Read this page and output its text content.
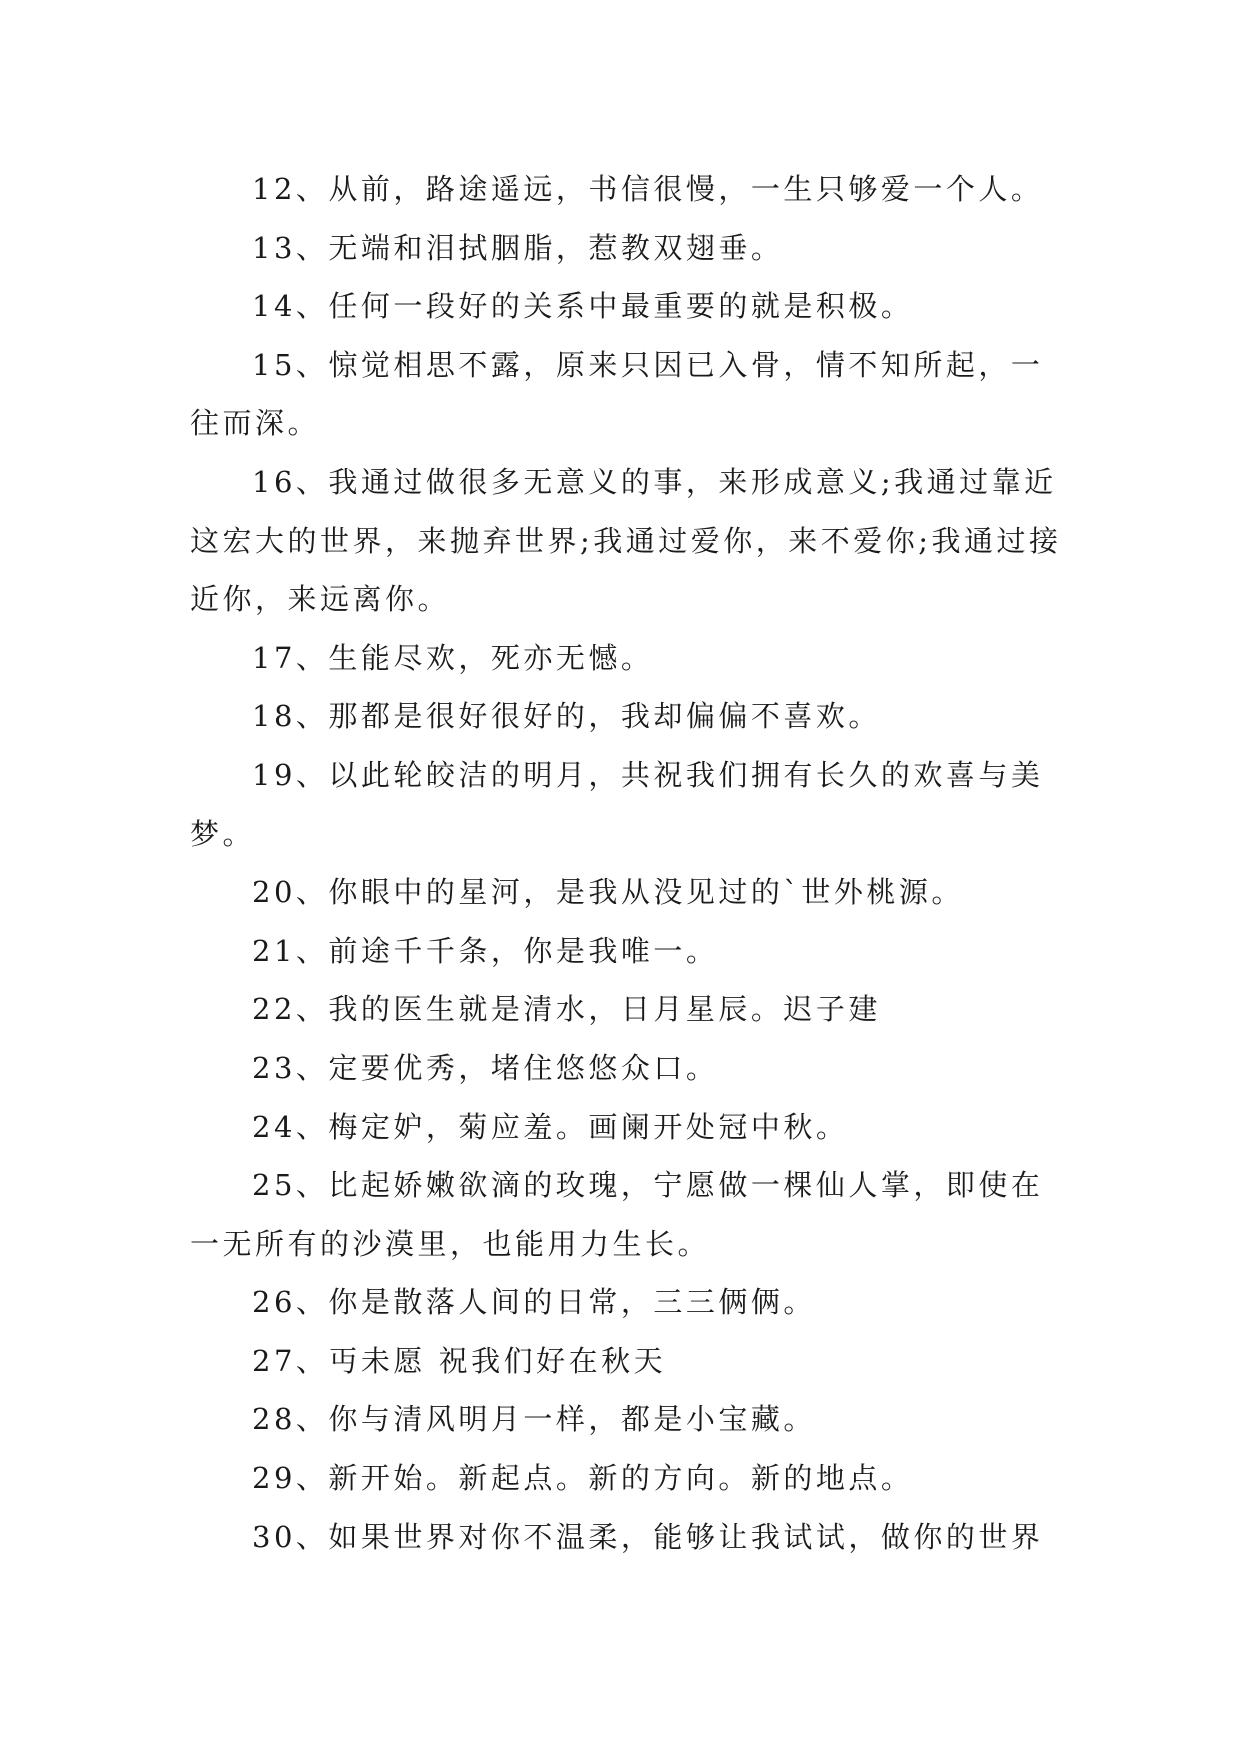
12、从前，路途遥远，书信很慢，一生只够爱一个人。

13、无端和泪拭胭脂，惹教双翅垂。

14、任何一段好的关系中最重要的就是积极。

15、惊觉相思不露，原来只因已入骨，情不知所起，一往而深。

16、我通过做很多无意义的事，来形成意义;我通过靠近这宏大的世界，来抛弃世界;我通过爱你，来不爱你;我通过接近你，来远离你。

17、生能尽欢，死亦无憾。

18、那都是很好很好的，我却偏偏不喜欢。

19、以此轮皎洁的明月，共祝我们拥有长久的欢喜与美梦。

20、你眼中的星河，是我从没见过的`世外桃源。

21、前途千千条，你是我唯一。

22、我的医生就是清水，日月星辰。迟子建

23、定要优秀，堵住悠悠众口。

24、梅定妒，菊应羞。画阑开处冠中秋。

25、比起娇嫩欲滴的玫瑰，宁愿做一棵仙人掌，即使在一无所有的沙漠里，也能用力生长。

26、你是散落人间的日常，三三俩俩。

27、丏未愿 祝我们好在秋天

28、你与清风明月一样，都是小宝藏。

29、新开始。新起点。新的方向。新的地点。

30、如果世界对你不温柔，能够让我试试，做你的世界
